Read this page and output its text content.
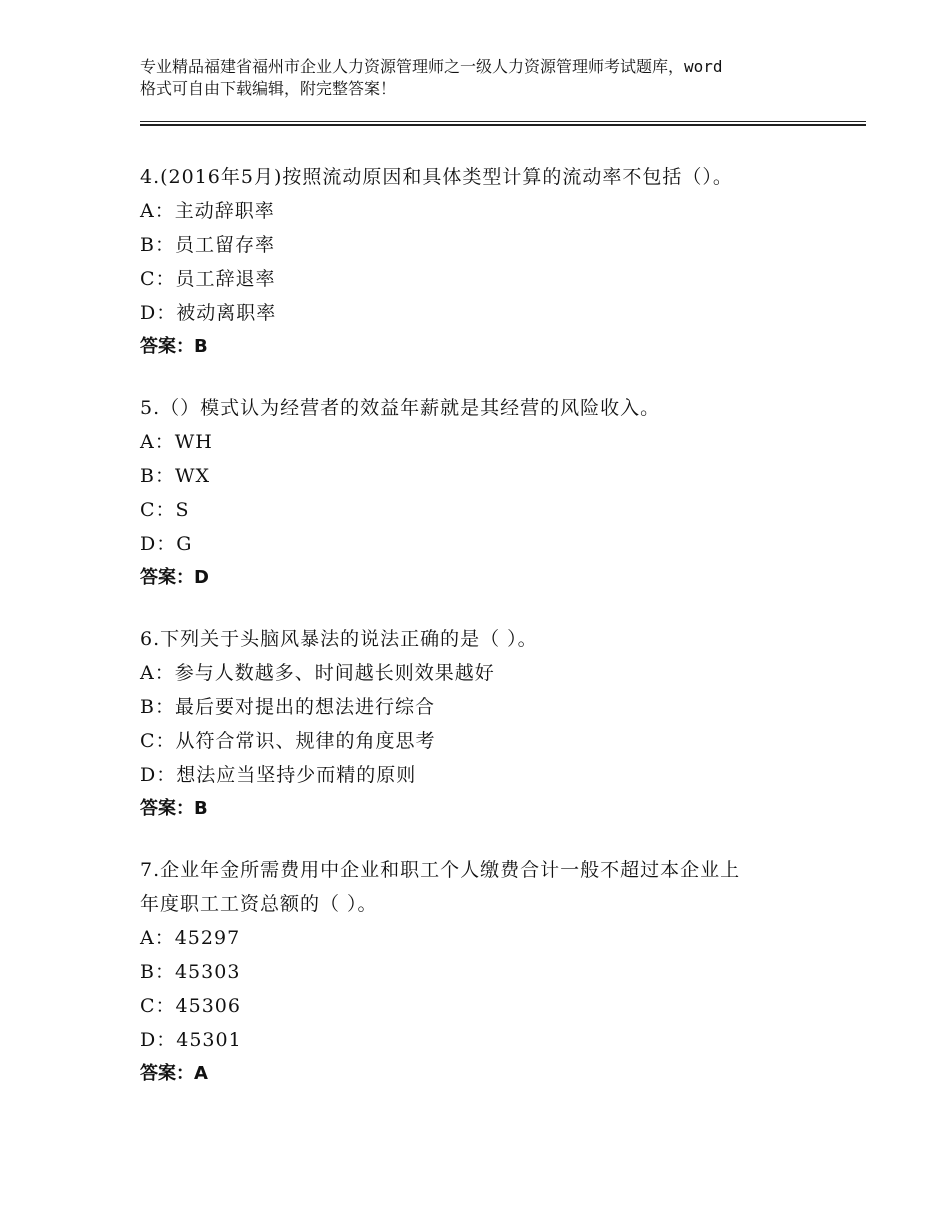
专业精品福建省福州市企业人力资源管理师之一级人力资源管理师考试题库，word
格式可自由下载编辑，附完整答案！
4.(2016年5月)按照流动原因和具体类型计算的流动率不包括（）。
A：主动辞职率
B：员工留存率
C：员工辞退率
D：被动离职率
答案：B
5.（）模式认为经营者的效益年薪就是其经营的风险收入。
A：WH
B：WX
C：S
D：G
答案：D
6.下列关于头脑风暴法的说法正确的是（ ）。
A：参与人数越多、时间越长则效果越好
B：最后要对提出的想法进行综合
C：从符合常识、规律的角度思考
D：想法应当坚持少而精的原则
答案：B
7.企业年金所需费用中企业和职工个人缴费合计一般不超过本企业上
年度职工工资总额的（ ）。
A：45297
B：45303
C：45306
D：45301
答案：A
